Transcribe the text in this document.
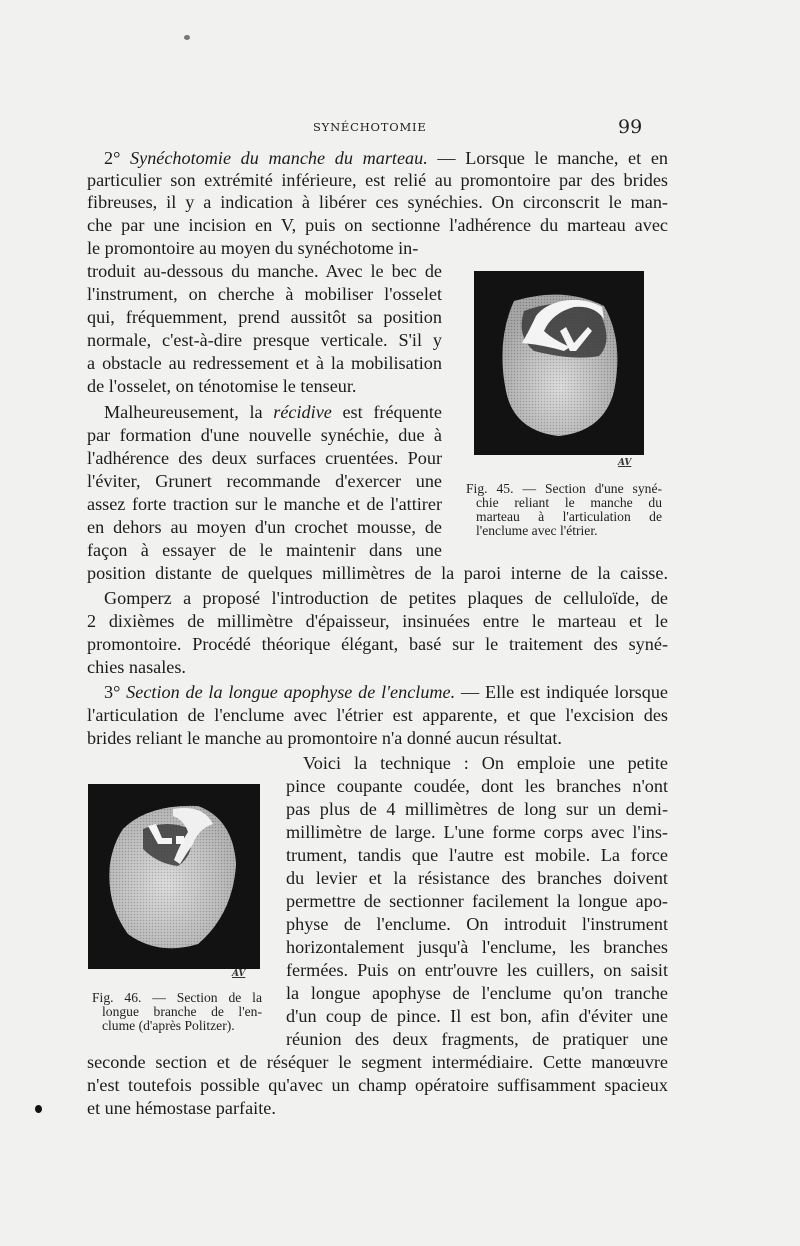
SYNÉCHOTOMIE	99
2° Synéchotomie du manche du marteau. — Lorsque le manche, et en
particulier son extrémité inférieure, est relié au promontoire par des brides
fibreuses, il y a indication à libérer ces synéchies. On circonscrit le man-
che par une incision en V, puis on sectionne l'adhérence du marteau avec
le promontoire au moyen du synéchotome in-
troduit au-dessous du manche. Avec le bec de
l'instrument, on cherche à mobiliser l'osselet
qui, fréquemment, prend aussitôt sa position
normale, c'est-à-dire presque verticale. S'il y
a obstacle au redressement et à la mobilisation
de l'osselet, on ténotomise le tenseur.
Malheureusement, la récidive est fréquente
par formation d'une nouvelle synéchie, due à
l'adhérence des deux surfaces cruentées. Pour
l'éviter, Grunert recommande d'exercer une
assez forte traction sur le manche et de l'attirer
en dehors au moyen d'un crochet mousse, de
façon à essayer de le maintenir dans une
position distante de quelques millimètres de la paroi interne de la caisse.
Gomperz a proposé l'introduction de petites plaques de celluloïde, de
2 dixièmes de millimètre d'épaisseur, insinuées entre le marteau et le
promontoire. Procédé théorique élégant, basé sur le traitement des syné-
chies nasales.
3° Section de la longue apophyse de l'enclume. — Elle est indiquée lorsque
l'articulation de l'enclume avec l'étrier est apparente, et que l'excision des
brides reliant le manche au promontoire n'a donné aucun résultat.
Voici la technique : On emploie une petite
pince coupante coudée, dont les branches n'ont
pas plus de 4 millimètres de long sur un demi-
millimètre de large. L'une forme corps avec l'ins-
trument, tandis que l'autre est mobile. La force
du levier et la résistance des branches doivent
permettre de sectionner facilement la longue apo-
physe de l'enclume. On introduit l'instrument
horizontalement jusqu'à l'enclume, les branches
fermées. Puis on entr'ouvre les cuillers, on saisit
la longue apophyse de l'enclume qu'on tranche
d'un coup de pince. Il est bon, afin d'éviter une
réunion des deux fragments, de pratiquer une
seconde section et de réséquer le segment intermédiaire. Cette manœuvre
n'est toutefois possible qu'avec un champ opératoire suffisamment spacieux
et une hémostase parfaite.
AV
Fig. 45. — Section d'une syné-
chie reliant le manche du
marteau à l'articulation de
l'enclume avec l'étrier.
AV
Fig. 46. — Section de la
longue branche de l'en-
clume (d'après Politzer).
